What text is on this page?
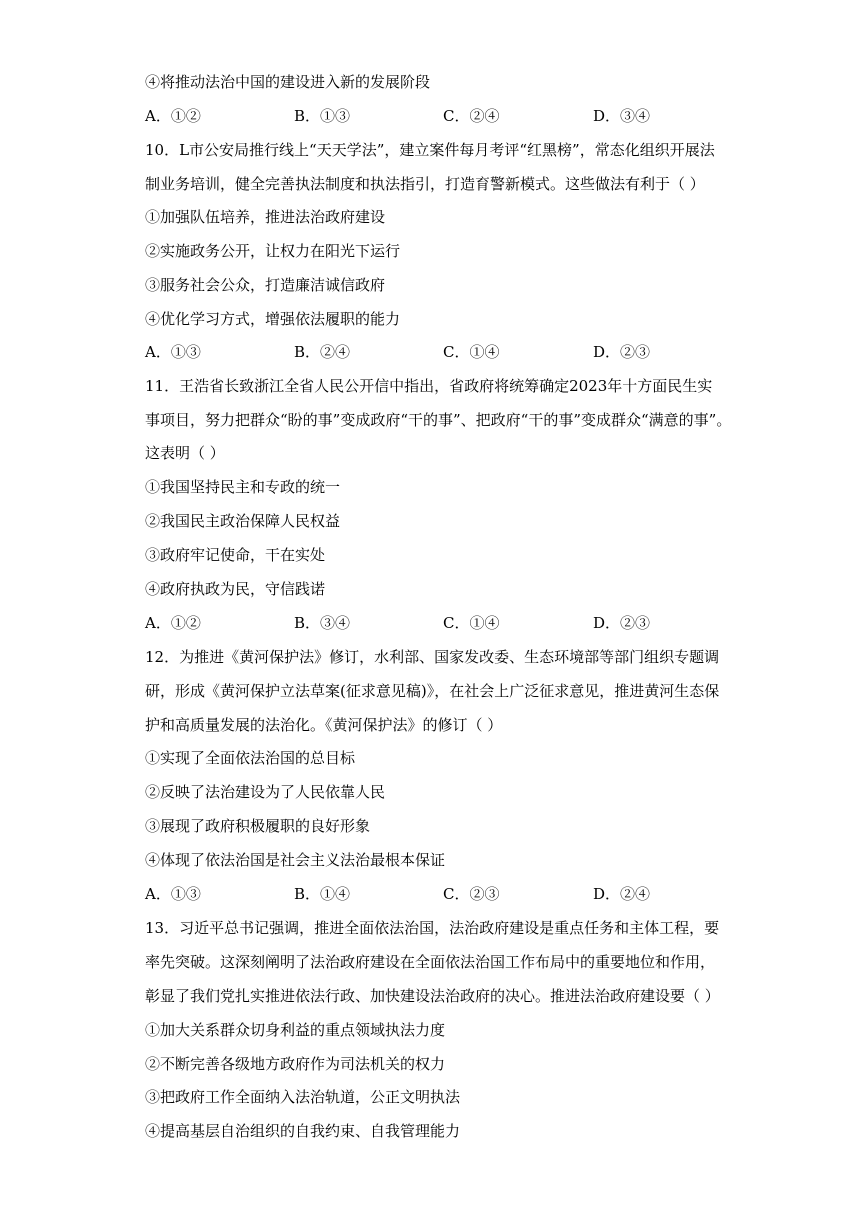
④将推动法治中国的建设进入新的发展阶段
A．①②	B．①③	C．②④	D．③④
10．L市公安局推行线上“天天学法”，建立案件每月考评“红黑榜”，常态化组织开展法
制业务培训，健全完善执法制度和执法指引，打造育警新模式。这些做法有利于（ ）
①加强队伍培养，推进法治政府建设
②实施政务公开，让权力在阳光下运行
③服务社会公众，打造廉洁诚信政府
④优化学习方式，增强依法履职的能力
A．①③	B．②④	C．①④	D．②③
11．王浩省长致浙江全省人民公开信中指出，省政府将统筹确定2023年十方面民生实
事项目，努力把群众“盼的事”变成政府“干的事”、把政府“干的事”变成群众“满意的事”。
这表明（ ）
①我国坚持民主和专政的统一
②我国民主政治保障人民权益
③政府牢记使命，干在实处
④政府执政为民，守信践诺
A．①②	B．③④	C．①④	D．②③
12．为推进《黄河保护法》修订，水利部、国家发改委、生态环境部等部门组织专题调
研，形成《黄河保护立法草案(征求意见稿)》，在社会上广泛征求意见，推进黄河生态保
护和高质量发展的法治化。《黄河保护法》的修订（ ）
①实现了全面依法治国的总目标
②反映了法治建设为了人民依靠人民
③展现了政府积极履职的良好形象
④体现了依法治国是社会主义法治最根本保证
A．①③	B．①④	C．②③	D．②④
13．习近平总书记强调，推进全面依法治国，法治政府建设是重点任务和主体工程，要
率先突破。这深刻阐明了法治政府建设在全面依法治国工作布局中的重要地位和作用，
彰显了我们党扎实推进依法行政、加快建设法治政府的决心。推进法治政府建设要（ ）
①加大关系群众切身利益的重点领域执法力度
②不断完善各级地方政府作为司法机关的权力
③把政府工作全面纳入法治轨道，公正文明执法
④提高基层自治组织的自我约束、自我管理能力
